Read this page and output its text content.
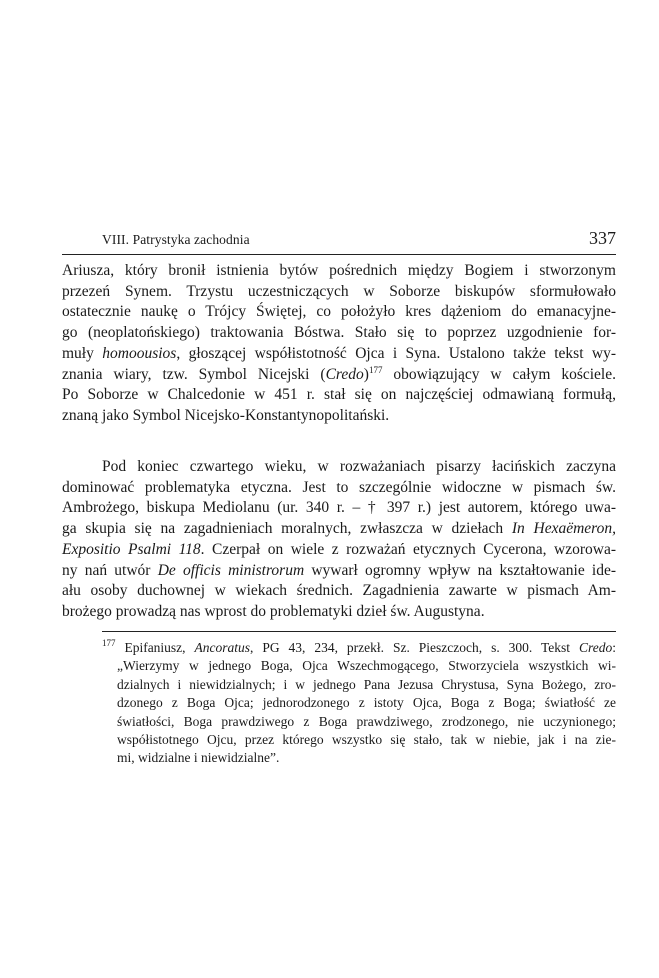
VIII. Patrystyka zachodnia	337
Ariusza, który bronił istnienia bytów pośrednich między Bogiem i stworzonym
przezeń Synem. Trzystu uczestniczących w Soborze biskupów sformułowało
ostatecznie naukę o Trójcy Świętej, co położyło kres dążeniom do emanacyjne-
go (neoplatońskiego) traktowania Bóstwa. Stało się to poprzez uzgodnienie for-
muły homoousios, głoszącej współistotność Ojca i Syna. Ustalono także tekst wy-
znania wiary, tzw. Symbol Nicejski (Credo)$^{177}$ obowiązujący w całym kościele.
Po Soborze w Chalcedonie w 451 r. stał się on najczęściej odmawianą formułą,
znaną jako Symbol Nicejsko-Konstantynopolitański.
Pod koniec czwartego wieku, w rozważaniach pisarzy łacińskich zaczyna
dominować problematyka etyczna. Jest to szczególnie widoczne w pismach św.
Ambrożego, biskupa Mediolanu (ur. 340 r. – † 397 r.) jest autorem, którego uwa-
ga skupia się na zagadnieniach moralnych, zwłaszcza w dziełach In Hexaëmeron,
Expositio Psalmi 118. Czerpał on wiele z rozważań etycznych Cycerona, wzorowa-
ny nań utwór De officis ministrorum wywarł ogromny wpływ na kształtowanie ide-
ału osoby duchownej w wiekach średnich. Zagadnienia zawarte w pismach Am-
brożego prowadzą nas wprost do problematyki dzieł św. Augustyna.
$^{177}$ Epifaniusz, Ancoratus, PG 43, 234, przekł. Sz. Pieszczoch, s. 300. Tekst Credo:
„Wierzymy w jednego Boga, Ojca Wszechmogącego, Stworzyciela wszystkich wi-
dzialnych i niewidzialnych; i w jednego Pana Jezusa Chrystusa, Syna Bożego, zro-
dzonego z Boga Ojca; jednorodzonego z istoty Ojca, Boga z Boga; światłość ze
światłości, Boga prawdziwego z Boga prawdziwego, zrodzonego, nie uczynionego;
współistotnego Ojcu, przez którego wszystko się stało, tak w niebie, jak i na zie-
mi, widzialne i niewidzialne”.
